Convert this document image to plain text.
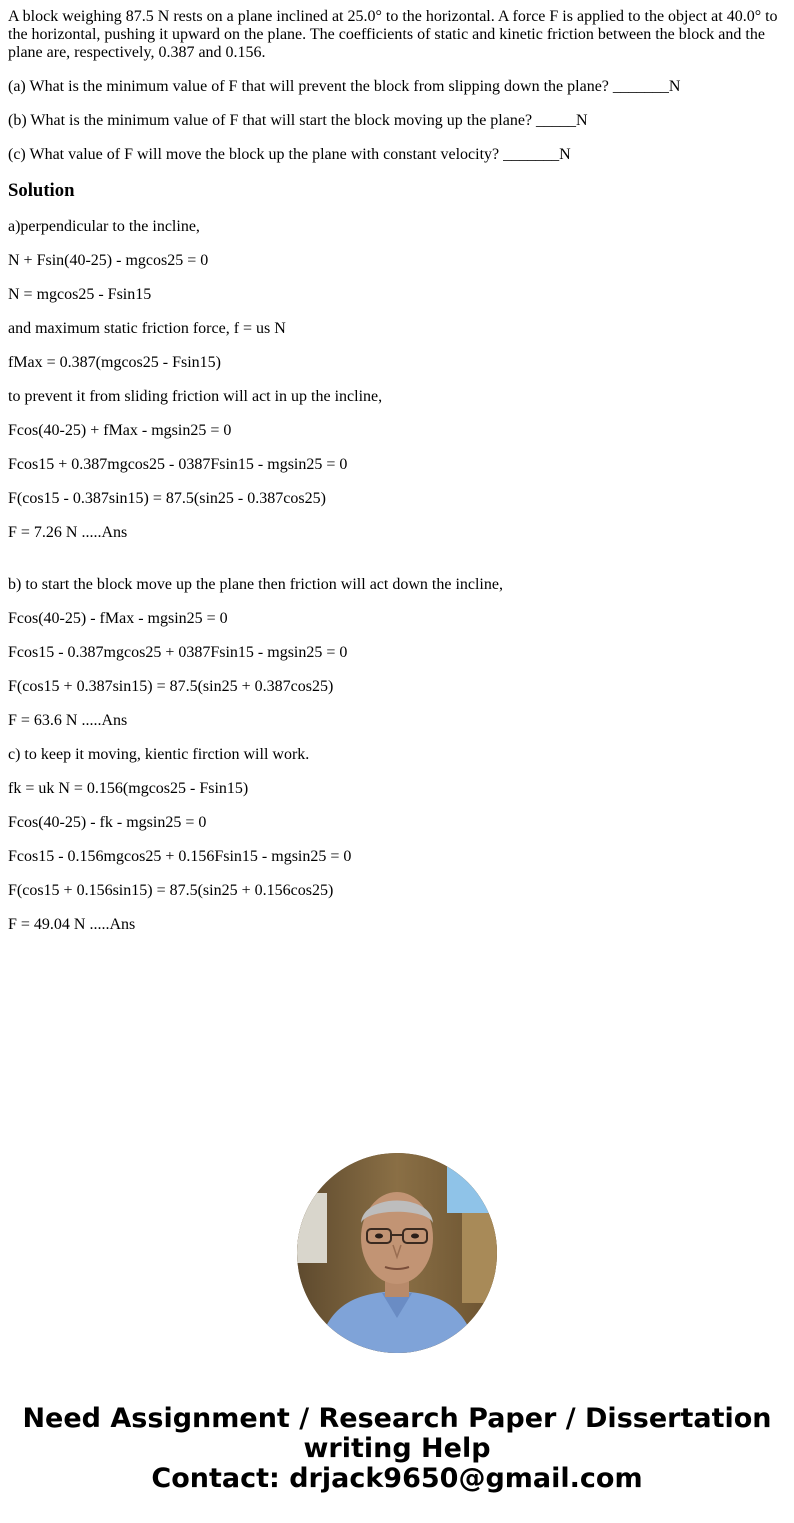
A block weighing 87.5 N rests on a plane inclined at 25.0° to the horizontal. A force F is applied to the object at 40.0° to the horizontal, pushing it upward on the plane. The coefficients of static and kinetic friction between the block and the plane are, respectively, 0.387 and 0.156.

(a) What is the minimum value of F that will prevent the block from slipping down the plane? _______N

(b) What is the minimum value of F that will start the block moving up the plane? _____N

(c) What value of F will move the block up the plane with constant velocity? _______N

Solution

a)perpendicular to the incline,

N + Fsin(40-25) - mgcos25 = 0

N = mgcos25 - Fsin15

and maximum static friction force, f = us N

fMax = 0.387(mgcos25 - Fsin15)

to prevent it from sliding friction will act in up the incline,

Fcos(40-25) + fMax - mgsin25 = 0

Fcos15 + 0.387mgcos25 - 0387Fsin15 - mgsin25 = 0

F(cos15 - 0.387sin15) = 87.5(sin25 - 0.387cos25)

F = 7.26 N .....Ans

b) to start the block move up the plane then friction will act down the incline,

Fcos(40-25) - fMax - mgsin25 = 0

Fcos15 - 0.387mgcos25 + 0387Fsin15 - mgsin25 = 0

F(cos15 + 0.387sin15) = 87.5(sin25 + 0.387cos25)

F = 63.6 N .....Ans

c) to keep it moving, kientic firction will work.

fk = uk N = 0.156(mgcos25 - Fsin15)

Fcos(40-25) - fk - mgsin25 = 0

Fcos15 - 0.156mgcos25 + 0.156Fsin15 - mgsin25 = 0

F(cos15 + 0.156sin15) = 87.5(sin25 + 0.156cos25)

F = 49.04 N .....Ans

Need Assignment / Research Paper / Dissertation
writing Help
Contact: drjack9650@gmail.com
